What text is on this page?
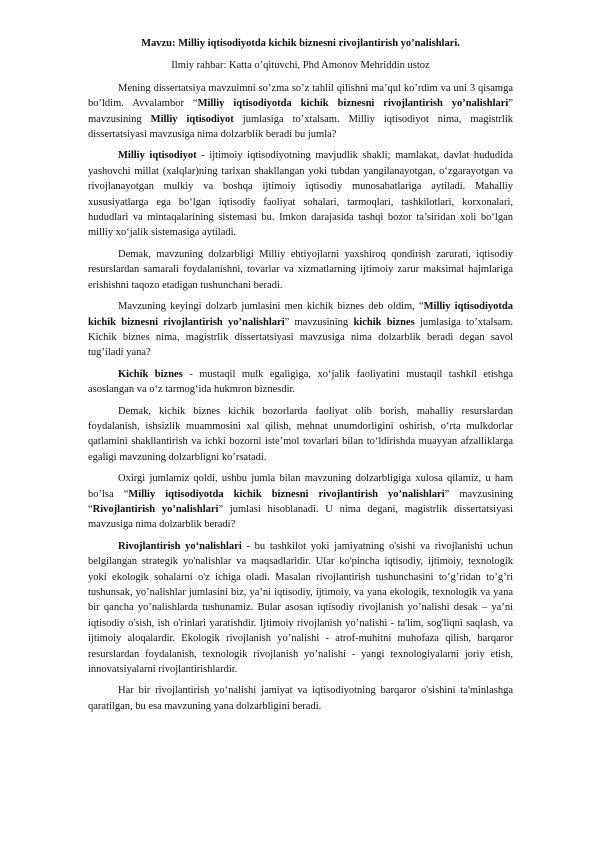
Mavzu: Milliy iqtisodiyotda kichik biznesni rivojlantirish yo’nalishlari.

Ilmiy rahbar: Katta o’qituvchi, Phd Amonov Mehriddin ustoz

Mening dissertatsiya mavzuimni so’zma so’z tahlil qilishni ma’qul ko’rdim va uni 3 qisamga bo’ldim. Avvalambor “Milliy iqtisodiyotda kichik biznesni rivojlantirish yo’nalishlari” mavzusining Milliy iqtisodiyot jumlasiga to’xtalsam. Milliy iqtisodiyot nima, magistrlik dissertatsiyasi mavzusiga nima dolzarblik beradi bu jumla?

Milliy iqtisodiyot - ijtimoiy iqtisodiyotning mavjudlik shakli; mamlakat, davlat hududida yashovchi millat (xalqlar)ning tarixan shakllangan yoki tubdan yangilanayotgan, o‘zgarayotgan va rivojlanayotgan mulkiy va boshqa ijtimoiy iqtisodiy munosabatlariga aytiladi. Mahalliy xususiyatlarga ega bo‘lgan iqtisodiy faoliyat sohalari, tarmoqlari, tashkilotlari, korxonalari, hududlari va mintaqalarining sistemasi bu. Imkon darajasida tashqi bozor ta’siridan xoli bo‘lgan milliy xo‘jalik sistemasiga aytiladi.

Demak, mavzuning dolzarbligi Milliy ehtiyojlarni yaxshiroq qondirish zarurati, iqtisodiy resurslardan samarali foydalanishni, tovarlar va xizmatlarning ijtimoiy zarur maksimal hajmlariga erishishni taqozo etadigan tushunchani beradi.

Mavzuning keyingi dolzarb jumlasini men kichik biznes deb oldim, “Milliy iqtisodiyotda kichik biznesni rivojlantirish yo’nalishlari” mavzusining kichik biznes jumlasiga to’xtalsam. Kichik biznes nima, magistrlik dissertatsiyasi mavzusiga nima dolzarblik beradi degan savol tug’iladi yana?

Kichik biznes - mustaqil mulk egaligiga, xo‘jalik faoliyatini mustaqil tashkil etishga asoslangan va o‘z tarmog‘ida hukmron biznesdir.

Demak, kichik biznes kichik bozorlarda faoliyat olib borish, mahalliy resurslardan foydalanish, ishsizlik muammosini xal qilish, mehnat unumdorligini oshirish, o‘rta mulkdorlar qatlamini shakllantirish va ichki bozorni iste’mol tovarlari bilan to‘ldirishda muayyan afzalliklarga egaligi mavzuning dolzarbligni ko’rsatadi.

Oxirgi jumlamiz qoldi, ushbu jumla bilan mavzuning dolzarbligiga xulosa qilamiz, u ham bo’lsa “Milliy iqtisodiyotda kichik biznesni rivojlantirish yo’nalishlari” mavzusining “Rivojlantirish yo’nalishlari” jumlasi hisoblanadi. U nima degani, magistrlik dissertatsiyasi mavzusiga nima dolzarblik beradi?

Rivojlantirish yo‘nalishlari - bu tashkilot yoki jamiyatning o'sishi va rivojlanishi uchun belgilangan strategik yo'nalishlar va maqsadlaridir. Ular ko'pincha iqtisodiy, ijtimoiy, texnologik yoki ekologik sohalarni o'z ichiga oladi. Masalan rivojlantirish tushunchasini to’g’ridan to’g’ri tushunsak, yo’nalishlar jumlasini biz, ya’ni iqtisodiy, ijtimoiy, va yana ekologik, texnologik va yana bir qancha yo’nalishlarda tushunamiz. Bular asosan iqtisodiy rivojlanish yo’nalishi desak – ya’ni iqtisodiy o'sish, ish o'rinlari yaratishdir. Ijtimoiy rivojlanish yo’nalishi - ta'lim, sog'liqni saqlash, va ijtimoiy aloqalardir. Ekologik rivojlanish yo’nalishi - atrof-muhitni muhofaza qilish, barqaror resurslardan foydalanish, texnologik rivojlanish yo’nalishi - yangi texnologiyalarni joriy etish, innovatsiyalarni rivojlantirishlardir.

Har bir rivojlantirish yo‘nalishi jamiyat va iqtisodiyotning barqaror o'sishini ta'minlashga qaratilgan, bu esa mavzuning yana dolzarbligini beradi.
